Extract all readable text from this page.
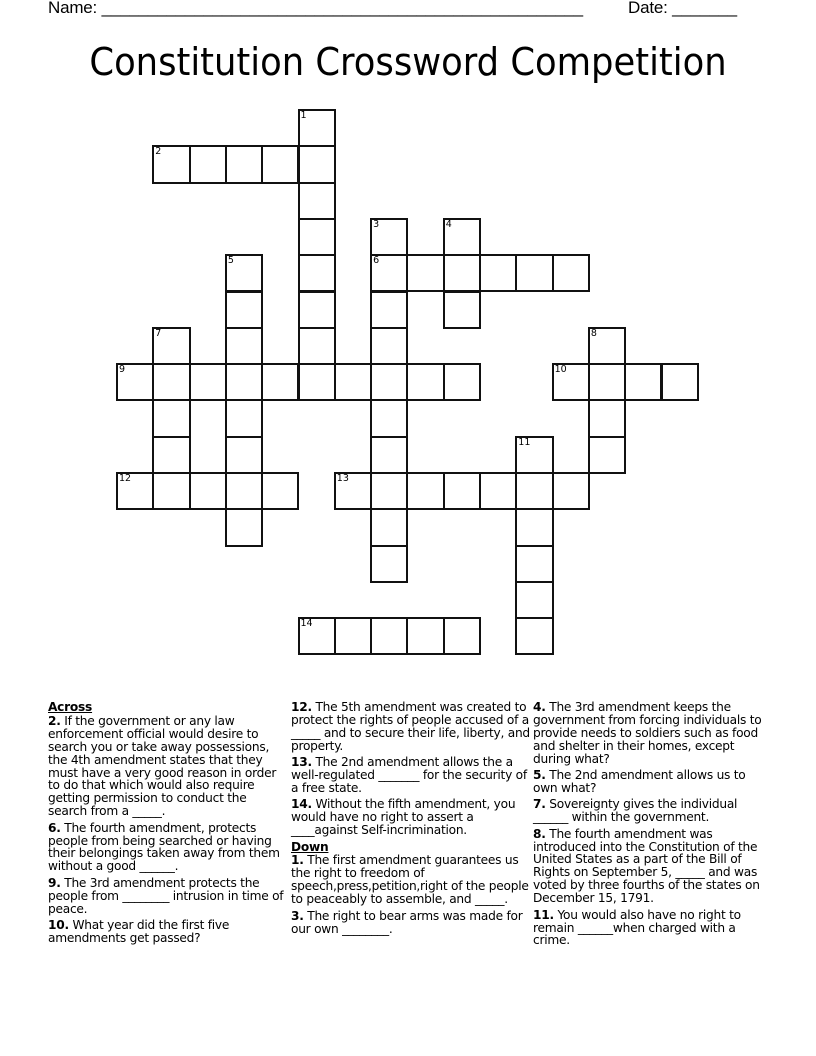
Name: ____________________________________________________	Date: _______
Constitution Crossword Competition
1
2
3
6
4
5
7	8
9	10
11
12	13
14
Across
2. If the government or any law enforcement official would desire to search you or take away possessions, the 4th amendment states that they must have a very good reason in order to do that which would also require getting permission to conduct the search from a _____.
6. The fourth amendment, protects people from being searched or having their belongings taken away from them without a good ______.
9. The 3rd amendment protects the people from ________ intrusion in time of peace.
10. What year did the first five amendments get passed?
12. The 5th amendment was created to protect the rights of people accused of a _____ and to secure their life, liberty, and property.
13. The 2nd amendment allows the a well-regulated _______ for the security of a free state.
14. Without the fifth amendment, you would have no right to assert a ____against Self-incrimination.
Down
1. The first amendment guarantees us the right to freedom of speech,press,petition,right of the people to peaceably to assemble, and _____.
3. The right to bear arms was made for our own ________.
4. The 3rd amendment keeps the government from forcing individuals to provide needs to soldiers such as food and shelter in their homes, except during what?
5. The 2nd amendment allows us to own what?
7. Sovereignty gives the individual ______ within the government.
8. The fourth amendment was introduced into the Constitution of the United States as a part of the Bill of Rights on September 5, _____ and was voted by three fourths of the states on December 15, 1791.
11. You would also have no right to remain ______when charged with a crime.
